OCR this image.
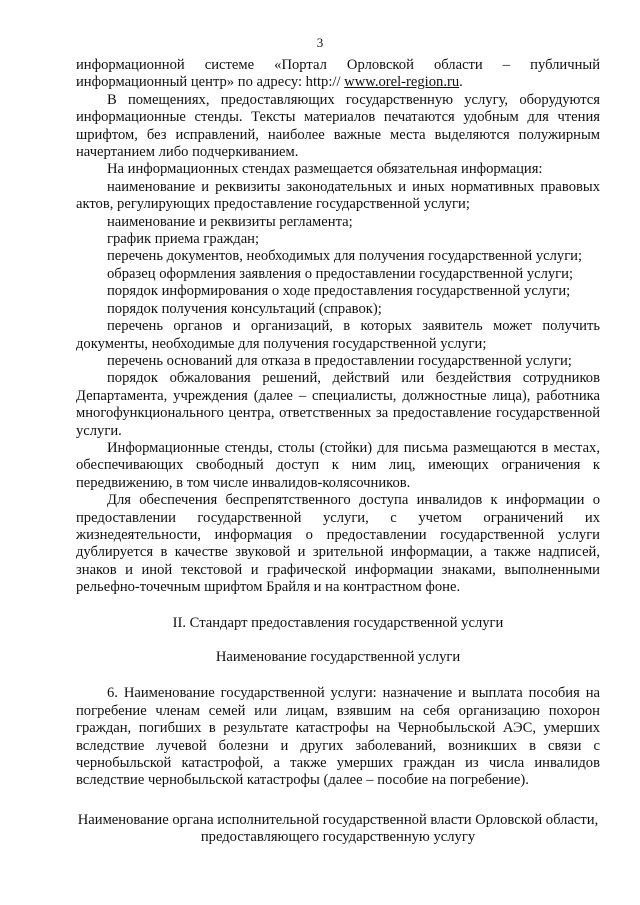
3

информационной системе «Портал Орловской области – публичный информационный центр» по адресу: http:// www.orel-region.ru.

В помещениях, предоставляющих государственную услугу, оборудуются информационные стенды. Тексты материалов печатаются удобным для чтения шрифтом, без исправлений, наиболее важные места выделяются полужирным начертанием либо подчеркиванием.

На информационных стендах размещается обязательная информация:

наименование и реквизиты законодательных и иных нормативных правовых актов, регулирующих предоставление государственной услуги;

наименование и реквизиты регламента;

график приема граждан;

перечень документов, необходимых для получения государственной услуги;

образец оформления заявления о предоставлении государственной услуги;

порядок информирования о ходе предоставления государственной услуги;

порядок получения консультаций (справок);

перечень органов и организаций, в которых заявитель может получить документы, необходимые для получения государственной услуги;

перечень оснований для отказа в предоставлении государственной услуги;

порядок обжалования решений, действий или бездействия сотрудников Департамента, учреждения (далее – специалисты, должностные лица), работника многофункционального центра, ответственных за предоставление государственной услуги.

Информационные стенды, столы (стойки) для письма размещаются в местах, обеспечивающих свободный доступ к ним лиц, имеющих ограничения к передвижению, в том числе инвалидов-колясочников.

Для обеспечения беспрепятственного доступа инвалидов к информации о предоставлении государственной услуги, с учетом ограничений их жизнедеятельности, информация о предоставлении государственной услуги дублируется в качестве звуковой и зрительной информации, а также надписей, знаков и иной текстовой и графической информации знаками, выполненными рельефно-точечным шрифтом Брайля и на контрастном фоне.

II. Стандарт предоставления государственной услуги

Наименование государственной услуги

6. Наименование государственной услуги: назначение и выплата пособия на погребение членам семей или лицам, взявшим на себя организацию похорон граждан, погибших в результате катастрофы на Чернобыльской АЭС, умерших вследствие лучевой болезни и других заболеваний, возникших в связи с чернобыльской катастрофой, а также умерших граждан из числа инвалидов вследствие чернобыльской катастрофы (далее – пособие на погребение).

Наименование органа исполнительной государственной власти Орловской области, предоставляющего государственную услугу
